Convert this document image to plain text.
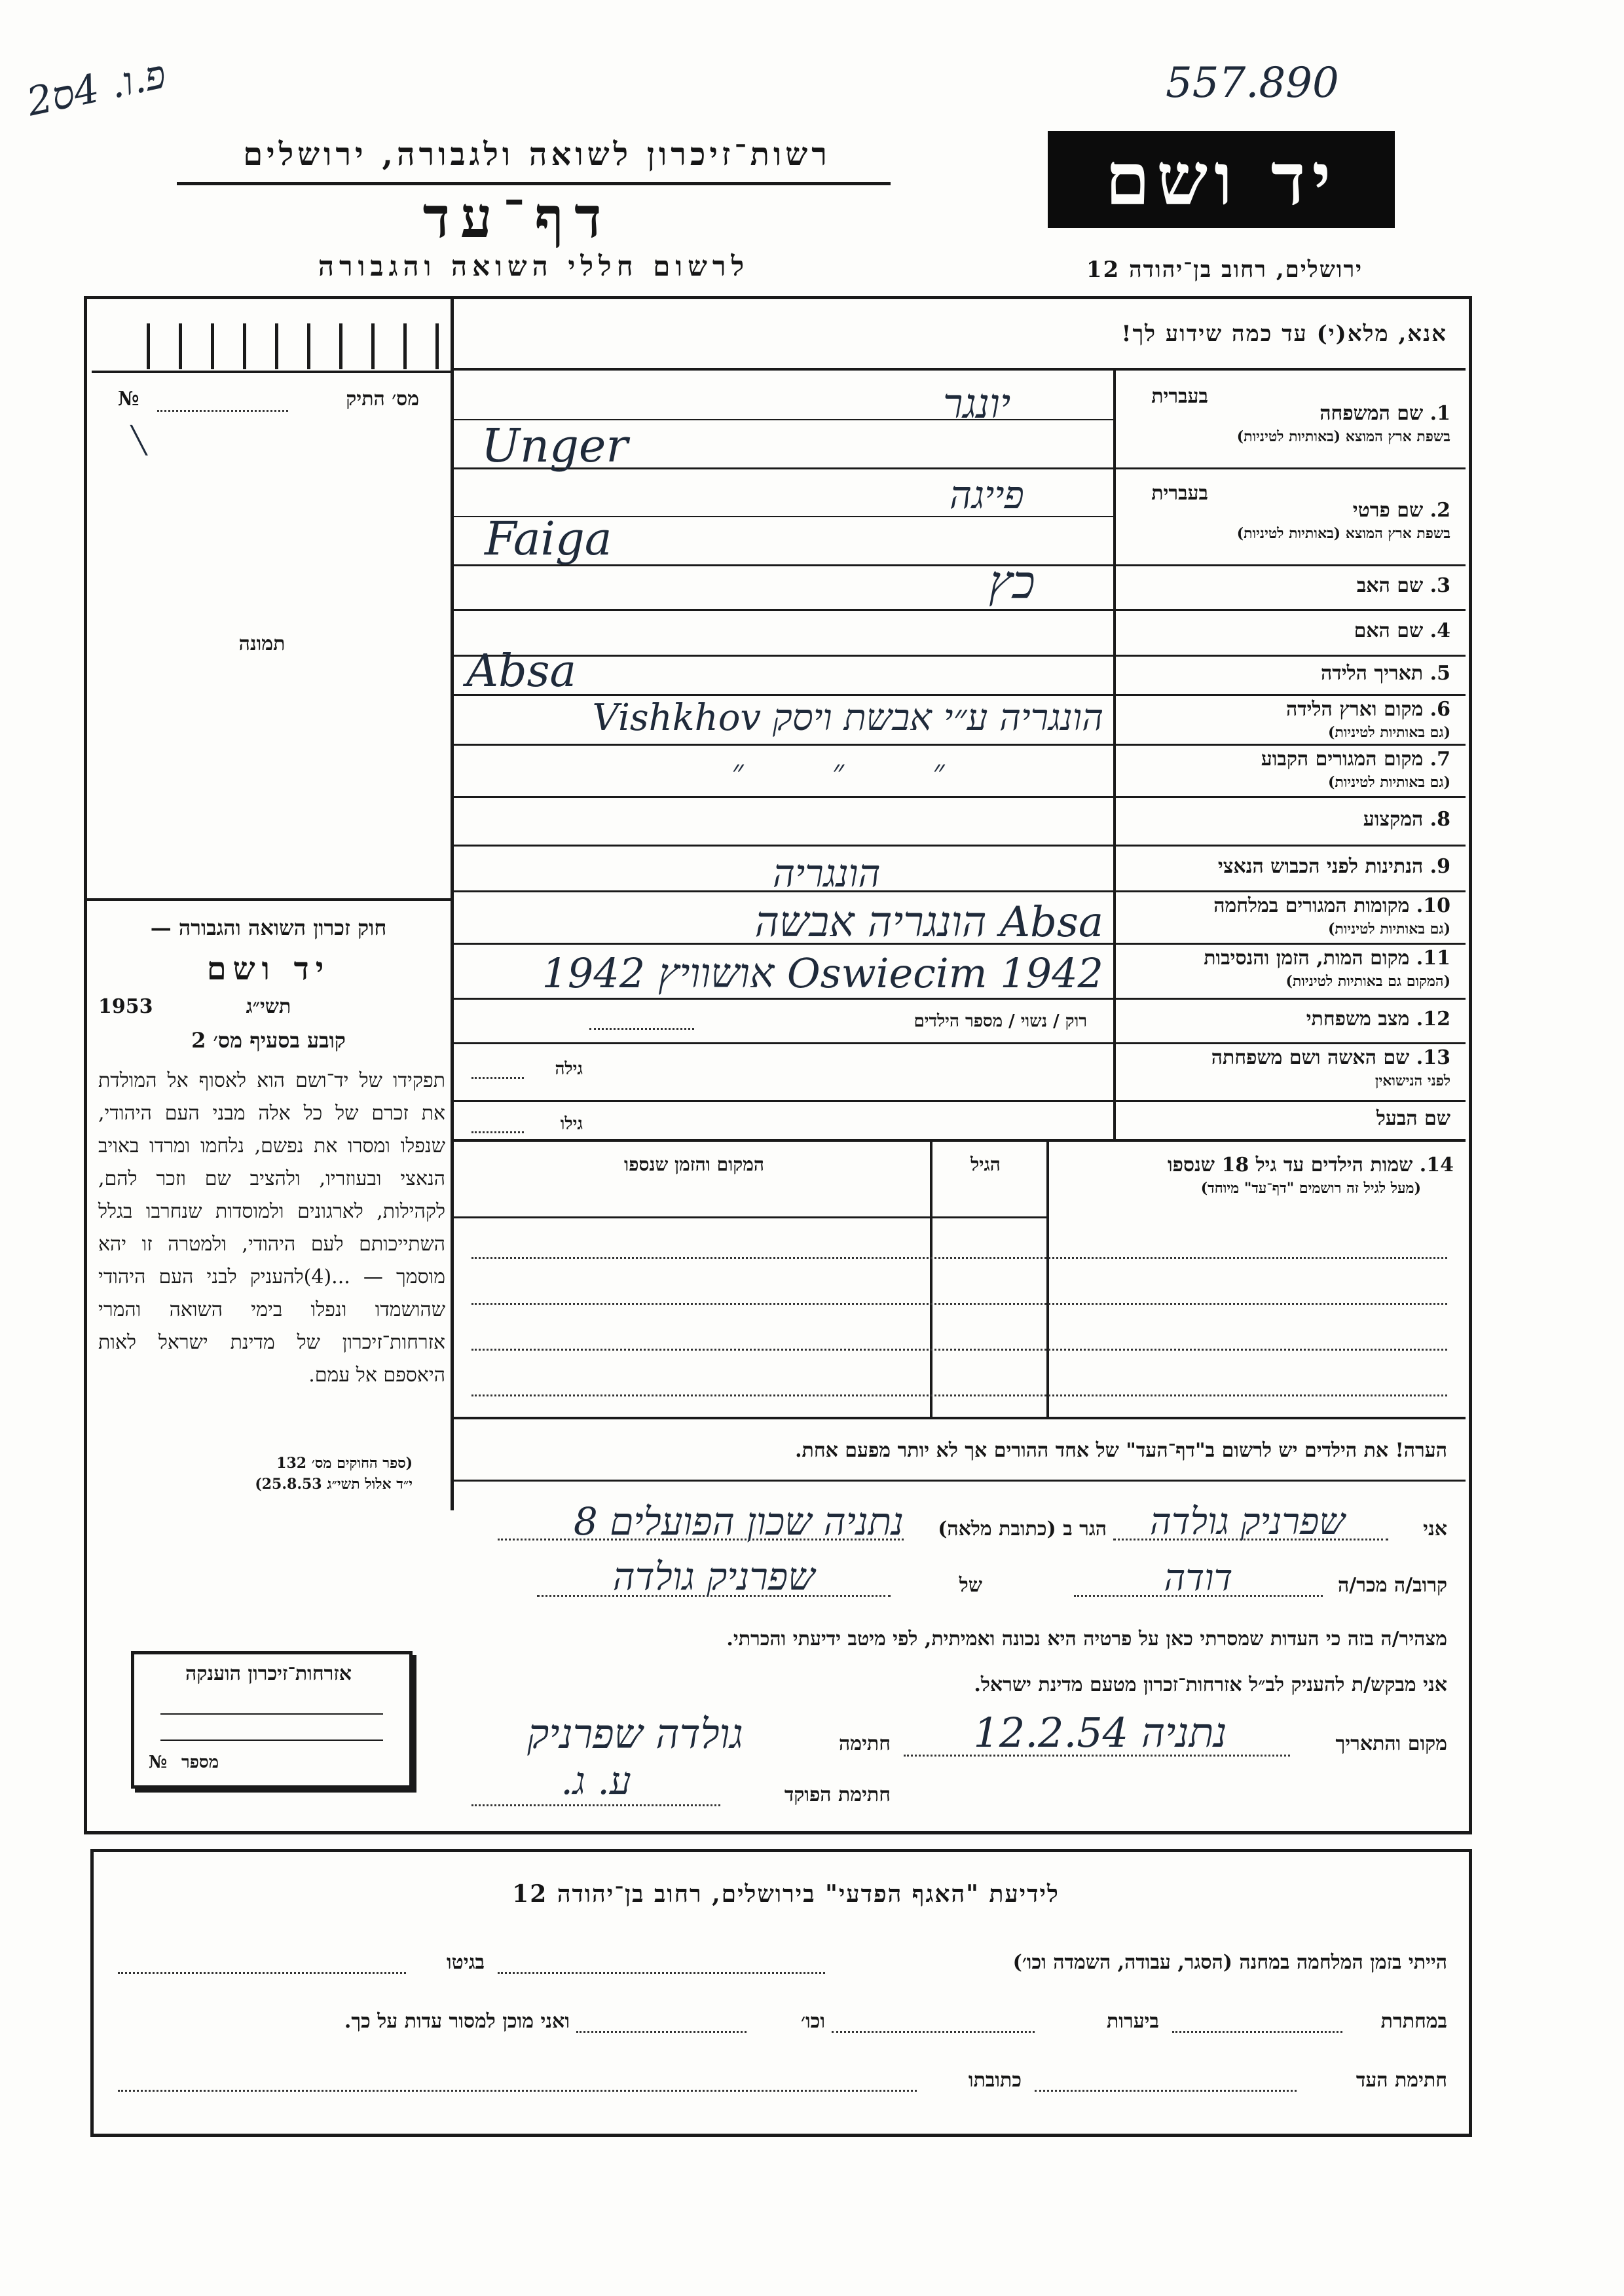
פ.ו. 4ס2	557.890
רשות־זיכרון לשואה ולגבורה, ירושלים
דף־עד
לרשום חללי השואה והגבורה
יד ושם
ירושלים, רחוב בן־יהודה 12
מס׳ התיק
№
╲
תמונה
חוק זכרון השואה והגבורה —
יד ושם
תשי״ג
1953
קובע בסעיף מס׳ 2
תפקידו של יד־ושם הוא לאסוף אל המולדת את זכרם של כל אלה מבני העם היהודי, שנפלו ומסרו את נפשם, נלחמו ומרדו באויב הנאצי ובעוזריו, ולהציב שם וזכר להם, לקהילות, לארגונים ולמוסדות שנחרבו בגלל השתייכותם לעם היהודי, ולמטרה זו יהא מוסמך — ...(4)להעניק לבני העם היהודי שהושמדו ונפלו בימי השואה והמרי אזרחות־זיכרון של מדינת ישראל לאות היאספם אל עמם.
(ספר החוקים מס׳ 132
י״ד אלול תשי״ג 25.8.53)
אזרחות־זיכרון הוענקה
מספר
№
אנא, מלא(י) עד כמה שידוע לך!
1. שם המשפחה
בשפת ארץ המוצא (באותיות לטיניות)
2. שם פרטי
בשפת ארץ המוצא (באותיות לטיניות)
3. שם האב
4. שם האם
5. תאריך הלידה
6. מקום וארץ הלידה
(גם באותיות לטיניות)
7. מקום המגורים הקבוע
(גם באותיות לטיניות)
8. המקצוע
9. הנתינות לפני הכבוש הנאצי
10. מקומות המגורים במלחמה
(גם באותיות לטיניות)
11. מקום המות, הזמן והנסיבות
(המקום גם באותיות לטיניות)
12. מצב משפחתי
13. שם האשה ושם משפחתה
לפני הנישואין
שם הבעל
בעברית
בעברית
יונגר
Unger
פייגה
Faiga
כץ
Absa
הונגריה ע״י אבשת ויסק Vishkhov
״ ״ ״
הונגריה
Absa הונגריה אבשה
Oswiecim 1942 אושוויץ 1942
רוק / נשוי / מספר הילדים
גילה
גילו
14. שמות הילדים עד גיל 18 שנספו
(מעל לגיל זה רושמים "דף־עד" מיוחד)
הגיל
המקום והזמן שנספו
הערה! את הילדים יש לרשום ב"דף־העד" של אחד ההורים אך לא יותר מפעם אחת.
אני
שפרניק גולדה
הגר ב (כתובת מלאה)
נתניה שכון הפועלים 8
קרוב/ה מכר/ה
דודה
של
שפרניק גולדה
מצהיר/ה בזה כי העדות שמסרתי כאן על פרטיה היא נכונה ואמיתית, לפי מיטב ידיעתי והכרתי.
אני מבקש/ת להעניק לב״ל אזרחות־זכרון מטעם מדינת ישראל.
מקום והתאריך
נתניה 12.2.54
חתימה
גולדה שפרניק
חתימת הפוקד
ע. ג.
לידיעת "האגף הפדעי" בירושלים, רחוב בן־יהודה 12
הייתי בזמן המלחמה במחנה (הסגר, עבודה, השמדה וכו׳)
בגיטו
במחתרת
ביערות
וכו׳
ואני מוכן למסור עדות על כך.
חתימת העד
כתובתו
